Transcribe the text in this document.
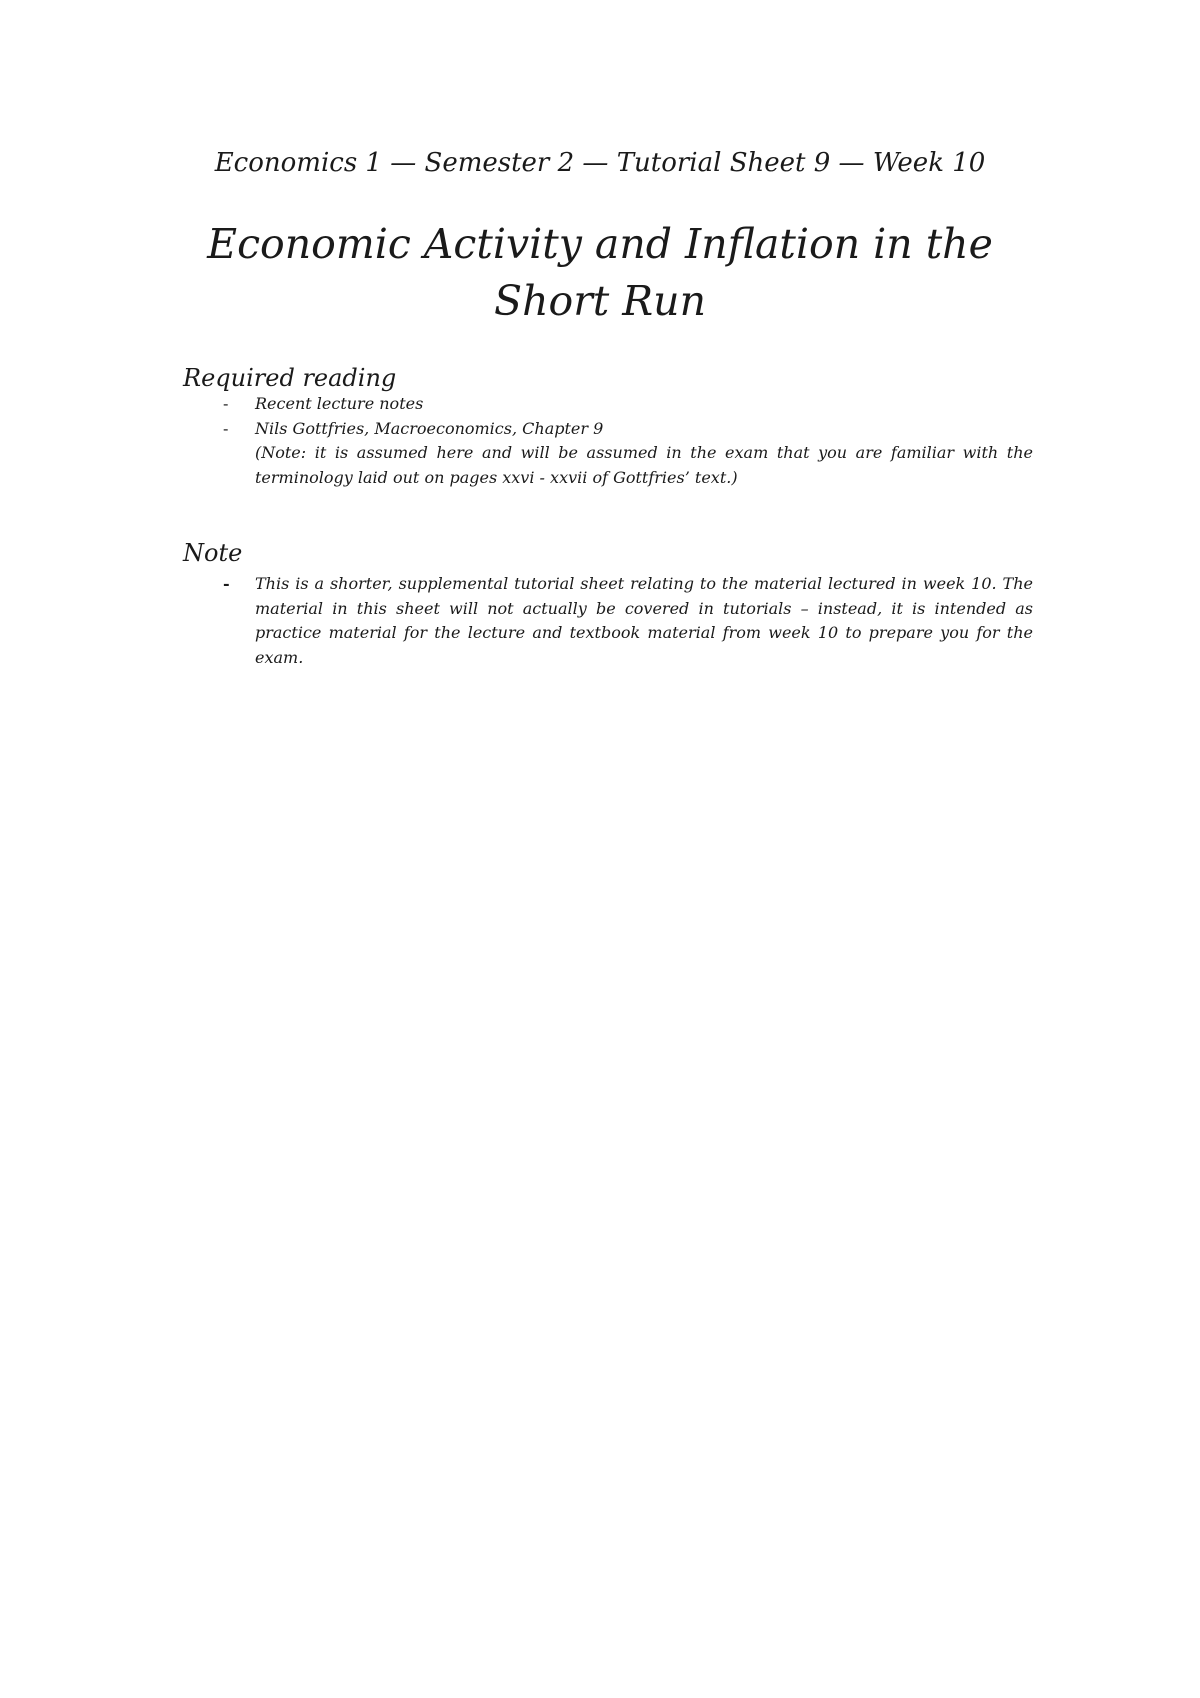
Economics 1 — Semester 2 — Tutorial Sheet 9 — Week 10

Economic Activity and Inflation in the
Short Run
Required reading
- Recent lecture notes
- Nils Gottfries, Macroeconomics, Chapter 9
(Note: it is assumed here and will be assumed in the exam that you are familiar with the terminology laid out on pages xxvi - xxvii of Gottfries’ text.)
Note
- This is a shorter, supplemental tutorial sheet relating to the material lectured in week 10. The material in this sheet will not actually be covered in tutorials – instead, it is intended as practice material for the lecture and textbook material from week 10 to prepare you for the exam.
